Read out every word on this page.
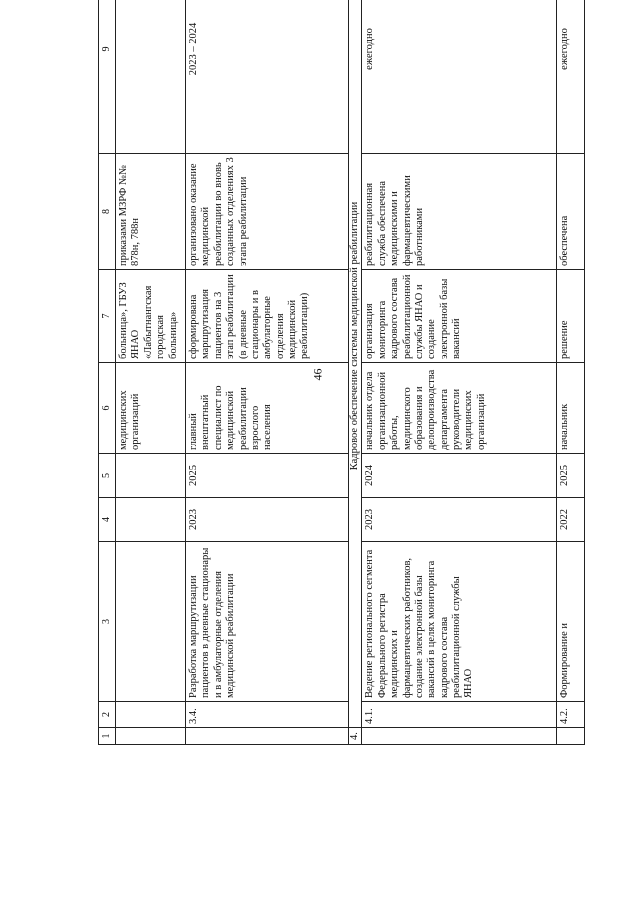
46
1	2	3	4	5	6	7	8	9
					медицинских организаций	больница», ГБУЗ ЯНАО «Лабытнангская городская больница»	приказами МЗРФ №№ 878н, 788н	
	3.4.	Разработка маршрутизации пациентов в дневные стационары и в амбулаторные отделения медицинской реабилитации	2023	2025	главный внештатный специалист по медицинской реабилитации взрослого населения	сформирована маршрутизация пациентов на 3 этап реабилитации (в дневные стационары и в амбулаторные отделения медицинской реабилитации)	организовано оказание медицинской реабилитации во вновь созданных отделениях 3 этапа реабилитации	2023 – 2024
4.	Кадровое обеспечение системы медицинской реабилитации							
	4.1.	Ведение регионального сегмента Федерального регистра медицинских и фармацевтических работников, создание электронной базы вакансий в целях мониторинга кадрового состава реабилитационной службы ЯНАО	2023	2024	начальник отдела организационной работы, медицинского образования и делопроизводства департамента руководители медицинских организаций	организация мониторинга кадрового состава реабилитационной службы ЯНАО и создание электронной базы вакансий	реабилитационная служба обеспечена медицинскими и фармацевтическими работниками	ежегодно
	4.2.	Формирование и	2022	2025	начальник	решение	обеспечена	ежегодно
